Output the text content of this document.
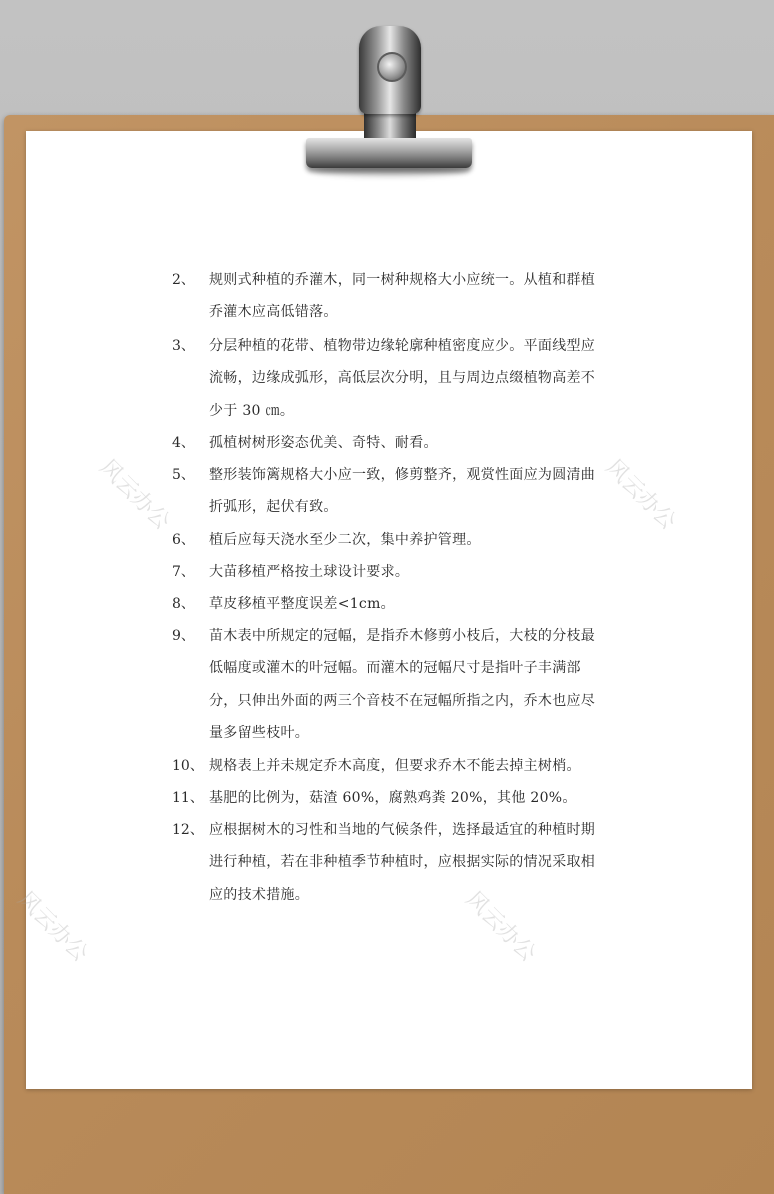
风云办公	风云办公
风云办公	风云办公
2、	规则式种植的乔灌木，同一树种规格大小应统一。从植和群植乔灌木应高低错落。
3、	分层种植的花带、植物带边缘轮廓种植密度应少。平面线型应流畅，边缘成弧形，高低层次分明，且与周边点缀植物高差不少于 30 ㎝。
4、	孤植树树形姿态优美、奇特、耐看。
5、	整形装饰篱规格大小应一致，修剪整齐，观赏性面应为圆清曲折弧形，起伏有致。
6、	植后应每天浇水至少二次，集中养护管理。
7、	大苗移植严格按土球设计要求。
8、	草皮移植平整度误差<1cm。
9、	苗木表中所规定的冠幅，是指乔木修剪小枝后，大枝的分枝最低幅度或灌木的叶冠幅。而灌木的冠幅尺寸是指叶子丰满部分，只伸出外面的两三个音枝不在冠幅所指之内，乔木也应尽量多留些枝叶。
10、 规格表上并未规定乔木高度，但要求乔木不能去掉主树梢。
11、 基肥的比例为，菇渣 60%，腐熟鸡粪 20%，其他 20%。
12、 应根据树木的习性和当地的气候条件，选择最适宜的种植时期进行种植，若在非种植季节种植时，应根据实际的情况采取相应的技术措施。
